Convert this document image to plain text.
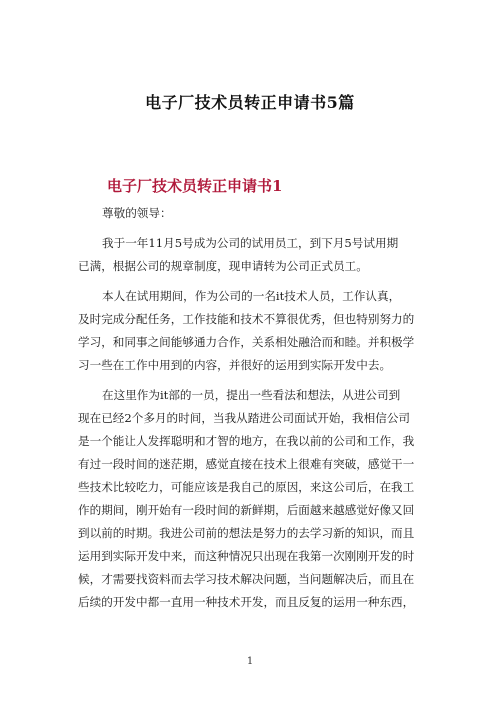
电子厂技术员转正申请书5篇
电子厂技术员转正申请书1
尊敬的领导：
我于一年11月5号成为公司的试用员工，到下月5号试用期
已满，根据公司的规章制度，现申请转为公司正式员工。
本人在试用期间，作为公司的一名it技术人员，工作认真，
及时完成分配任务，工作技能和技术不算很优秀，但也特别努力的
学习，和同事之间能够通力合作，关系相处融洽而和睦。并积极学
习一些在工作中用到的内容，并很好的运用到实际开发中去。
在这里作为it部的一员，提出一些看法和想法，从进公司到
现在已经2个多月的时间，当我从踏进公司面试开始，我相信公司
是一个能让人发挥聪明和才智的地方，在我以前的公司和工作，我
有过一段时间的迷茫期，感觉直接在技术上很难有突破，感觉干一
些技术比较吃力，可能应该是我自己的原因，来这公司后，在我工
作的期间，刚开始有一段时间的新鲜期，后面越来越感觉好像又回
到以前的时期。我进公司前的想法是努力的去学习新的知识，而且
运用到实际开发中来，而这种情况只出现在我第一次刚刚开发的时
候，才需要找资料而去学习技术解决问题，当问题解决后，而且在
后续的开发中都一直用一种技术开发，而且反复的运用一种东西，
1
